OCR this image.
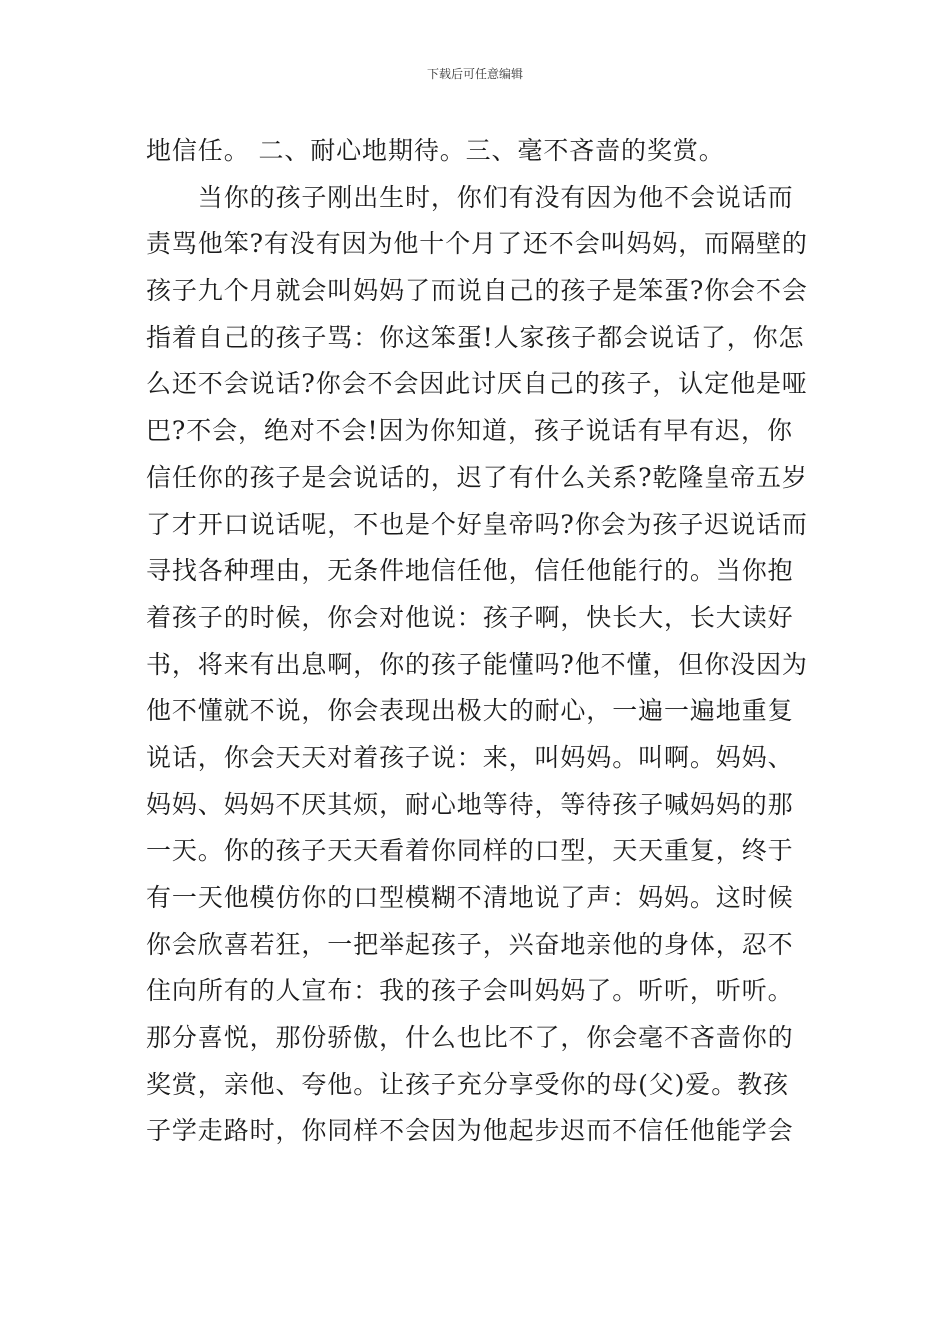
下载后可任意编辑
地信任。 二、耐心地期待。三、毫不吝啬的奖赏。
　　当你的孩子刚出生时，你们有没有因为他不会说话而
责骂他笨?有没有因为他十个月了还不会叫妈妈，而隔壁的
孩子九个月就会叫妈妈了而说自己的孩子是笨蛋?你会不会
指着自己的孩子骂：你这笨蛋!人家孩子都会说话了，你怎
么还不会说话?你会不会因此讨厌自己的孩子，认定他是哑
巴?不会，绝对不会!因为你知道，孩子说话有早有迟，你
信任你的孩子是会说话的，迟了有什么关系?乾隆皇帝五岁
了才开口说话呢，不也是个好皇帝吗?你会为孩子迟说话而
寻找各种理由，无条件地信任他，信任他能行的。当你抱
着孩子的时候，你会对他说：孩子啊，快长大，长大读好
书，将来有出息啊，你的孩子能懂吗?他不懂，但你没因为
他不懂就不说，你会表现出极大的耐心，一遍一遍地重复
说话，你会天天对着孩子说：来，叫妈妈。叫啊。妈妈、
妈妈、妈妈不厌其烦，耐心地等待，等待孩子喊妈妈的那
一天。你的孩子天天看着你同样的口型，天天重复，终于
有一天他模仿你的口型模糊不清地说了声：妈妈。这时候
你会欣喜若狂，一把举起孩子，兴奋地亲他的身体，忍不
住向所有的人宣布：我的孩子会叫妈妈了。听听，听听。
那分喜悦，那份骄傲，什么也比不了，你会毫不吝啬你的
奖赏，亲他、夸他。让孩子充分享受你的母(父)爱。教孩
子学走路时，你同样不会因为他起步迟而不信任他能学会
